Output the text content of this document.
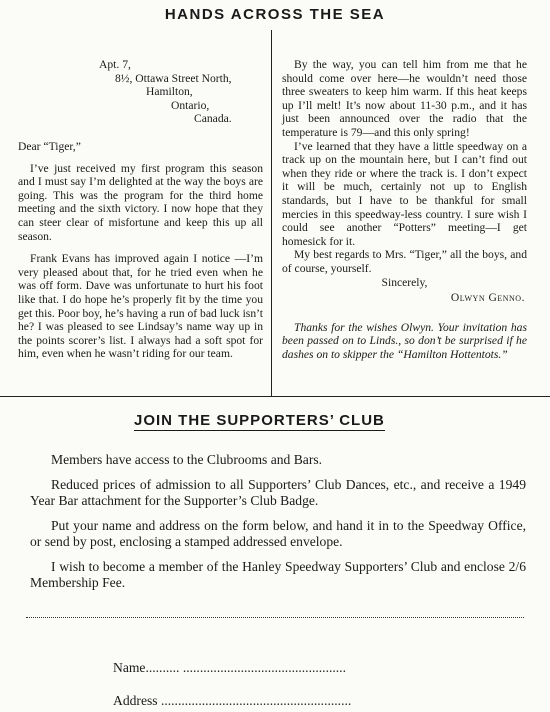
HANDS ACROSS THE SEA
Apt. 7,
8½, Ottawa Street North,
Hamilton,
Ontario,
Canada.

Dear “Tiger,”

I’ve just received my first program this season and I must say I’m delighted at the way the boys are going. This was the program for the third home meeting and the sixth victory. I now hope that they can steer clear of misfortune and keep this up all season.

Frank Evans has improved again I notice —I’m very pleased about that, for he tried even when he was off form. Dave was unfortunate to hurt his foot like that. I do hope he’s properly fit by the time you get this. Poor boy, he’s having a run of bad luck isn’t he? I was pleased to see Lindsay’s name way up in the points scorer’s list. I always had a soft spot for him, even when he wasn’t riding for our team.

By the way, you can tell him from me that he should come over here—he wouldn’t need those three sweaters to keep him warm. If this heat keeps up I’ll melt! It’s now about 11-30 p.m., and it has just been announced over the radio that the temperature is 79—and this only spring!

I’ve learned that they have a little speedway on a track up on the mountain here, but I can’t find out when they ride or where the track is. I don’t expect it will be much, certainly not up to English standards, but I have to be thankful for small mercies in this speedway-less country. I sure wish I could see another “Potters” meeting—I get homesick for it.

My best regards to Mrs. “Tiger,” all the boys, and of course, yourself.

Sincerely,

Olwyn Genno.

Thanks for the wishes Olwyn. Your invitation has been passed on to Linds., so don’t be surprised if he dashes on to skipper the “Hamilton Hottentots.”

JOIN THE SUPPORTERS’ CLUB

Members have access to the Clubrooms and Bars.

Reduced prices of admission to all Supporters’ Club Dances, etc., and receive a 1949 Year Bar attachment for the Supporter’s Club Badge.

Put your name and address on the form below, and hand it in to the Speedway Office, or send by post, enclosing a stamped addressed envelope.

I wish to become a member of the Hanley Speedway Supporters’ Club and enclose 2/6 Membership Fee.

Name.......... ................................................
Address ........................................................
